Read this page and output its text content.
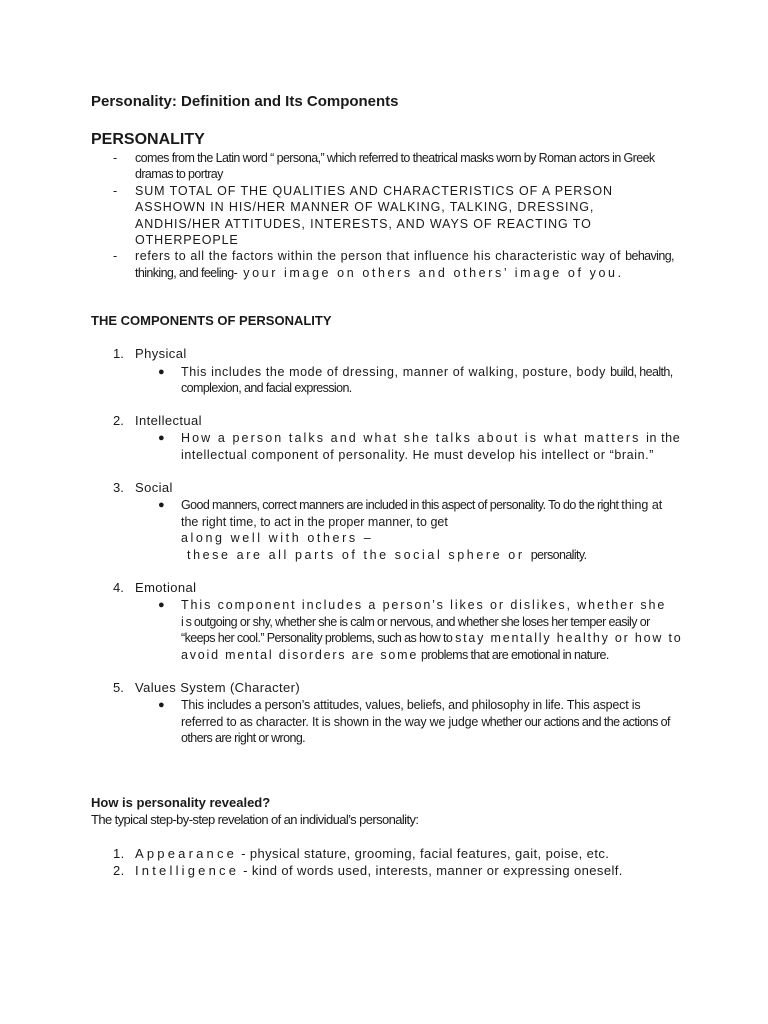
Personality: Definition and Its Components
PERSONALITY
- comes from the Latin word “ persona,” which referred to theatrical masks worn by Roman actors in Greek dramas to portray
- SUM TOTAL OF THE QUALITIES AND CHARACTERISTICS OF A PERSON ASSHOWN IN HIS/HER MANNER OF WALKING, TALKING, DRESSING, ANDHIS/HER ATTITUDES, INTERESTS, AND WAYS OF REACTING TO OTHERPEOPLE
- refers to all the factors within the person that influence his characteristic way of behaving, thinking, and feeling- your image on others and others’ image of you.
THE COMPONENTS OF PERSONALITY
1. Physical
● This includes the mode of dressing, manner of walking, posture, body build, health, complexion, and facial expression.
2. Intellectual
● How a person talks and what she talks about is what matters in the intellectual component of personality. He must develop his intellect or “brain.”
3. Social
● Good manners, correct manners are included in this aspect of personality. To do the right thing at the right time, to act in the proper manner, to get
along well with others –
these are all parts of the social sphere or personality.
4. Emotional
● This component includes a person’s likes or dislikes, whether she isoutgoing or shy, whether she is calm or nervous, and whether she loses her temper easily or “keeps her cool.” Personality problems, such as how to stay mentally healthy or how to avoid mental disorders are some problems that are emotional in nature.
5. Values System (Character)
● This includes a person’s attitudes, values, beliefs, and philosophy in life. This aspect is referred to as character. It is shown in the way we judge whether our actions and the actions of others are right or wrong.
How is personality revealed?

The typical step-by-step revelation of an individual’s personality:

1. Appearance - physical stature, grooming, facial features, gait, poise, etc.
2. Intelligence - kind of words used, interests, manner or expressing oneself.
